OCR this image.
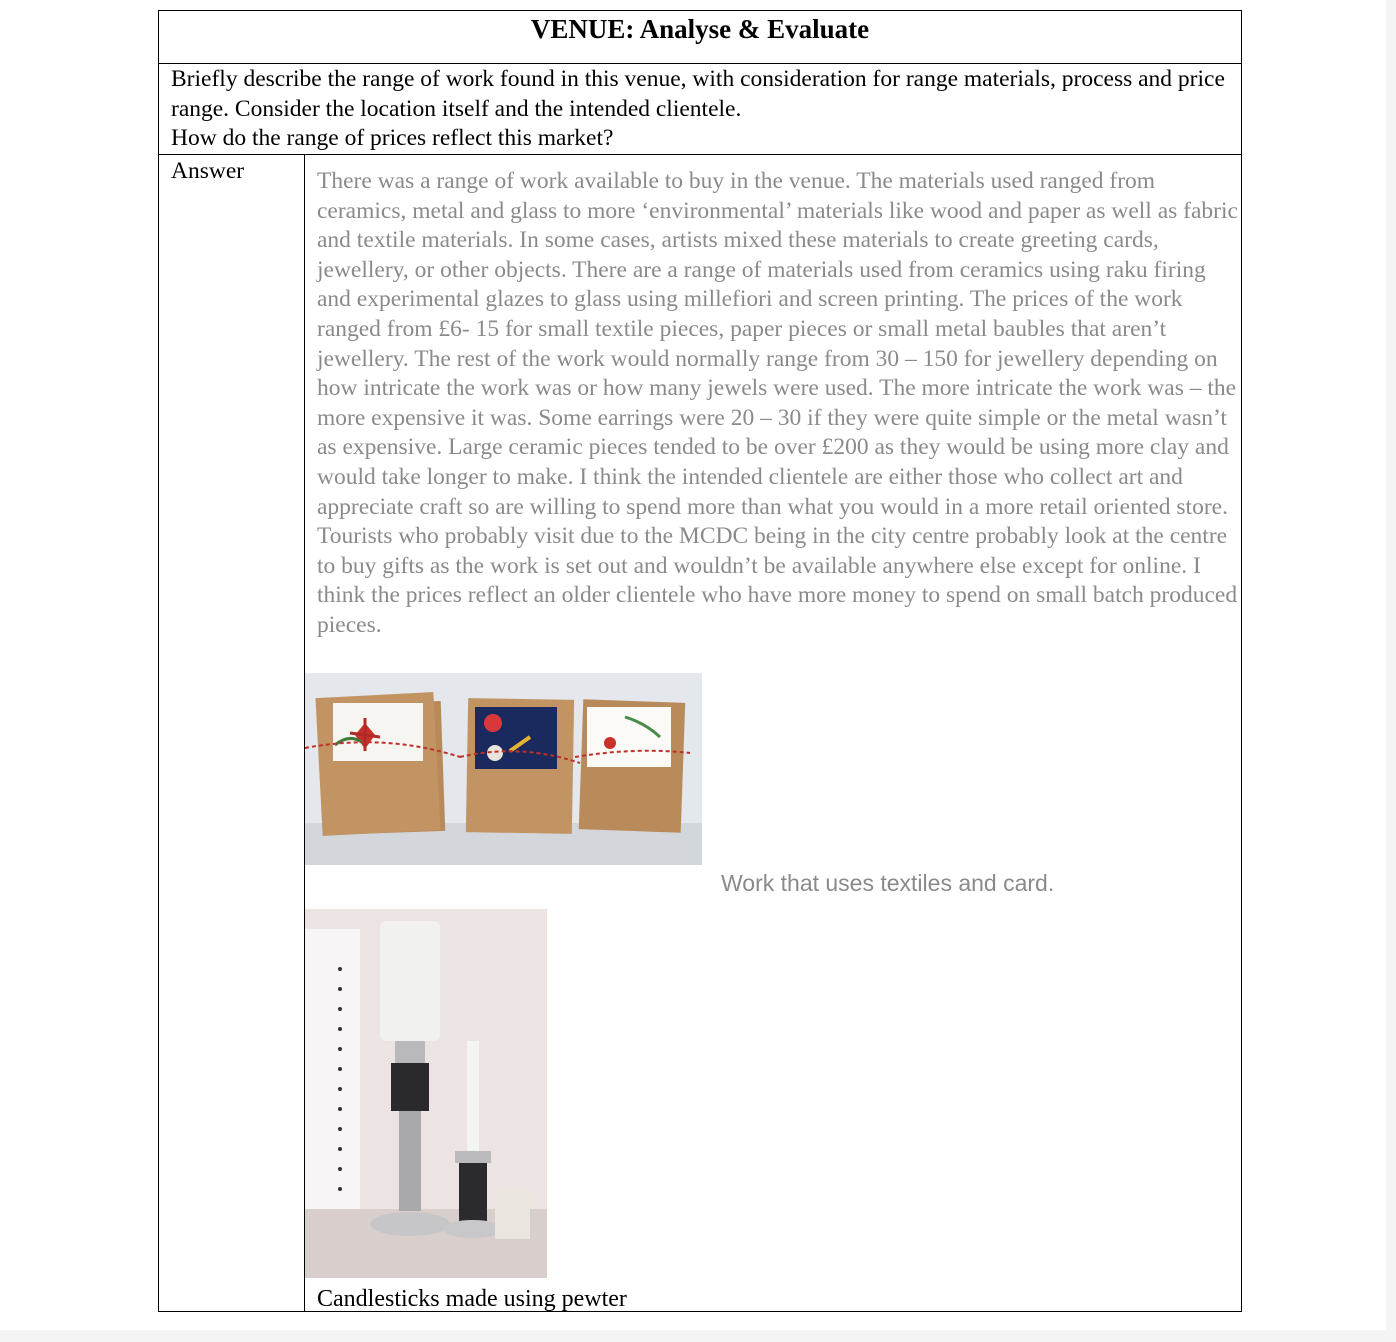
VENUE: Analyse & Evaluate

Briefly describe the range of work found in this venue, with consideration for range materials, process and price range. Consider the location itself and the intended clientele.

How do the range of prices reflect this market?

Answer	There was a range of work available to buy in the venue. The materials used ranged from ceramics, metal and glass to more ‘environmental’ materials like wood and paper as well as fabric and textile materials. In some cases, artists mixed these materials to create greeting cards, jewellery, or other objects. There are a range of materials used from ceramics using raku firing and experimental glazes to glass using millefiori and screen printing. The prices of the work ranged from £6- 15 for small textile pieces, paper pieces or small metal baubles that aren’t jewellery. The rest of the work would normally range from 30 – 150 for jewellery depending on how intricate the work was or how many jewels were used. The more intricate the work was – the more expensive it was. Some earrings were 20 – 30 if they were quite simple or the metal wasn’t as expensive. Large ceramic pieces tended to be over £200 as they would be using more clay and would take longer to make. I think the intended clientele are either those who collect art and appreciate craft so are willing to spend more than what you would in a more retail oriented store. Tourists who probably visit due to the MCDC being in the city centre probably look at the centre to buy gifts as the work is set out and wouldn’t be available anywhere else except for online. I think the prices reflect an older clientele who have more money to spend on small batch produced pieces.

Work that uses textiles and card.
Candlesticks made using pewter
